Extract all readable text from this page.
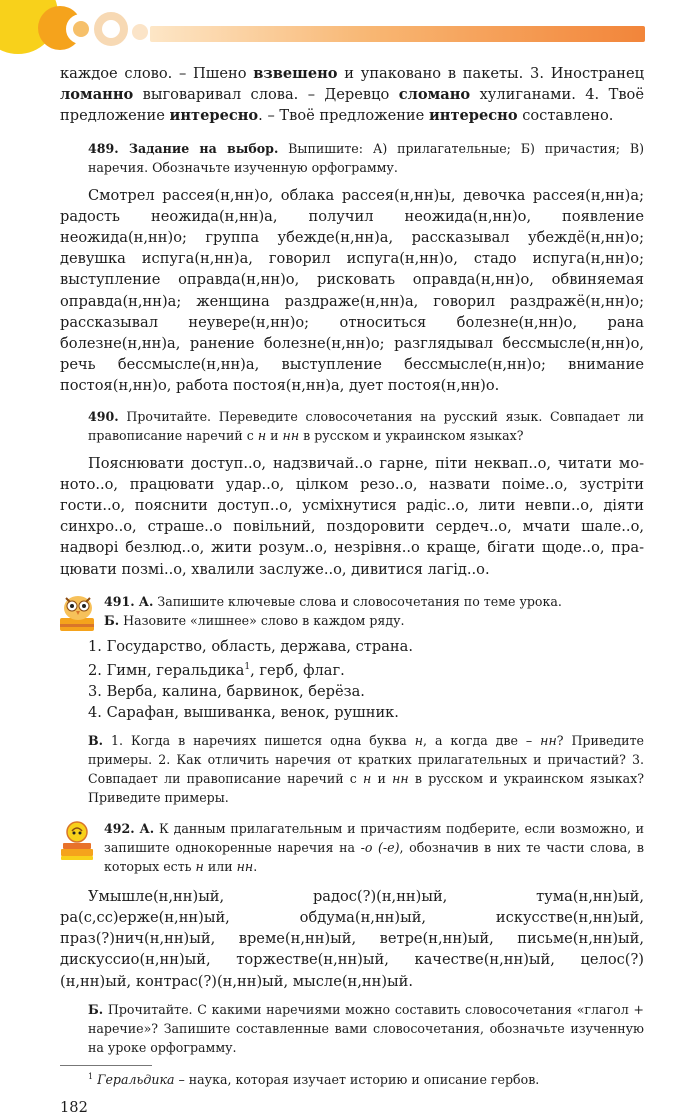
каждое слово. – Пшено взвешено и упаковано в пакеты. 3. Иностранец ломанно выговаривал слова. – Деревцо сломано хулиганами. 4. Твоё предложение интересно. – Твоё предложение интересно составлено.

489. Задание на выбор. Выпишите: А) прилагательные; Б) причастия; В) наречия. Обозначьте изученную орфограмму.

Смотрел рассея(н,нн)о, облака рассея(н,нн)ы, девочка рассея(н,нн)а; радость неожида(н,нн)а, получил неожида(н,нн)о, появление неожида(н,нн)о; группа убежде(н,нн)а, рассказывал убеждё(н,нн)о; девушка испуга(н,нн)а, говорил испуга(н,нн)о, стадо испуга(н,нн)о; выступление оправда(н,нн)о, рисковать оправда(н,нн)о, обвиняемая оправда(н,нн)а; женщина раздраже(н,нн)а, говорил раздражё(н,нн)о; рассказывал неувере(н,нн)о; относиться болезне(н,нн)о, рана болезне(н,нн)а, ранение болезне(н,нн)о; разглядывал бессмысле(н,нн)о, речь бессмысле(н,нн)а, выступление бессмысле(н,нн)о; внимание постоя(н,нн)о, работа постоя(н,нн)а, дует постоя(н,нн)о.

490. Прочитайте. Переведите словосочетания на русский язык. Совпадает ли правописание наречий с н и нн в русском и украинском языках?

Пояснювати доступ..о, надзвичай..о гарне, піти неквап..о, читати моното..о, працювати удар..о, цілком резо..о, назвати поіме..о, зустріти гости..о, пояснити доступ..о, усміхнутися радіс..о, лити невпи..о, діяти синхро..о, страше..о повільний, поздоровити сердеч..о, мчати шале..о, надворі безлюд..о, жити розум..о, незрівня..о краще, бігати щоде..о, працювати позмі..о, хвалили заслуже..о, дивитися лагід..о.

491. А. Запишите ключевые слова и словосочетания по теме урока.

Б. Назовите «лишнее» слово в каждом ряду.

1. Государство, область, держава, страна.
2. Гимн, геральдика$^1$, герб, флаг.
3. Верба, калина, барвинок, берёза.
4. Сарафан, вышиванка, венок, рушник.

В. 1. Когда в наречиях пишется одна буква н, а когда две – нн? Приведите примеры. 2. Как отличить наречия от кратких прилагательных и причастий? 3. Совпадает ли правописание наречий с н и нн в русском и украинском языках? Приведите примеры.

492. А. К данным прилагательным и причастиям подберите, если возможно, и запишите однокоренные наречия на -о (-е), обозначив в них те части слова, в которых есть н или нн.

Умышле(н,нн)ый, радос(?)(н,нн)ый, тума(н,нн)ый, ра(с,сс)ерже(н,нн)ый, обдума(н,нн)ый, искусстве(н,нн)ый, праз(?)нич(н,нн)ый, време(н,нн)ый, ветре(н,нн)ый, письме(н,нн)ый, дискуссио(н,нн)ый, торжестве(н,нн)ый, качестве(н,нн)ый, целос(?)(н,нн)ый, контрас(?)(н,нн)ый, мысле(н,нн)ый.

Б. Прочитайте. С какими наречиями можно составить словосочетания «глагол + наречие»? Запишите составленные вами словосочетания, обозначьте изученную на уроке орфограмму.

$^1$ Геральдика – наука, которая изучает историю и описание гербов.

182
